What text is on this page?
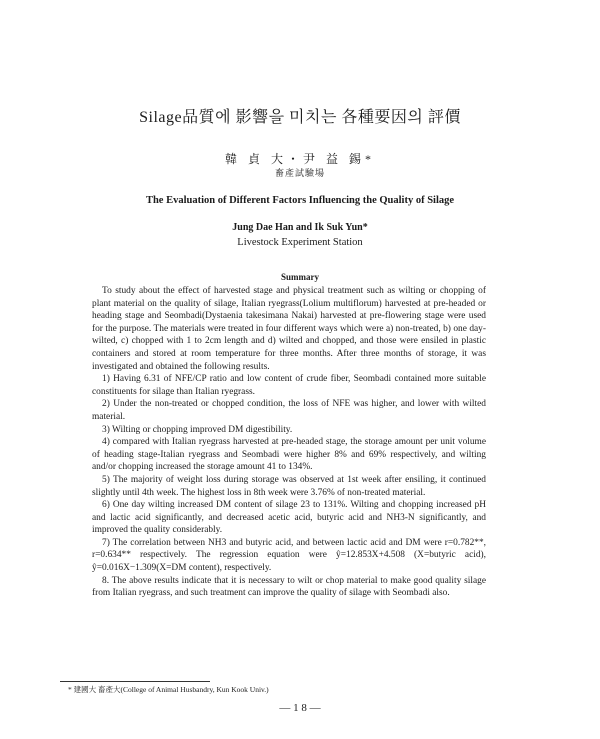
Silage品質에 影響을 미치는 各種要因의 評價
韓 貞 大・尹 益 錫*
畜產試驗場
The Evaluation of Different Factors Influencing the Quality of Silage
Jung Dae Han and Ik Suk Yun*
Livestock Experiment Station
Summary

To study about the effect of harvested stage and physical treatment such as wilting or chopping of plant material on the quality of silage, Italian ryegrass(Lolium multiflorum) harvested at pre-headed or heading stage and Seombadi(Dystaenia takesimana Nakai) harvested at pre-flowering stage were used for the purpose. The materials were treated in four different ways which were a) non-treated, b) one day-wilted, c) chopped with 1 to 2cm length and d) wilted and chopped, and those were ensiled in plastic containers and stored at room temperature for three months. After three months of storage, it was investigated and obtained the following results.

1) Having 6.31 of NFE/CP ratio and low content of crude fiber, Seombadi contained more suitable constituents for silage than Italian ryegrass.

2) Under the non-treated or chopped condition, the loss of NFE was higher, and lower with wilted material.

3) Wilting or chopping improved DM digestibility.

4) compared with Italian ryegrass harvested at pre-headed stage, the storage amount per unit volume of heading stage-Italian ryegrass and Seombadi were higher 8% and 69% respectively, and wilting and/or chopping increased the storage amount 41 to 134%.

5) The majority of weight loss during storage was observed at 1st week after ensiling, it continued slightly until 4th week. The highest loss in 8th week were 3.76% of non-treated material.

6) One day wilting increased DM content of silage 23 to 131%. Wilting and chopping increased pH and lactic acid significantly, and decreased acetic acid, butyric acid and NH3-N significantly, and improved the quality considerably.

7) The correlation between NH3 and butyric acid, and between lactic acid and DM were r=0.782**, r=0.634** respectively. The regression equation were ŷ=12.853X+4.508 (X=butyric acid), ŷ=0.016X−1.309(X=DM content), respectively.

8. The above results indicate that it is necessary to wilt or chop material to make good quality silage from Italian ryegrass, and such treatment can improve the quality of silage with Seombadi also.

* 建國大 畜產大(College of Animal Husbandry, Kun Kook Univ.)
— 1 8 —
